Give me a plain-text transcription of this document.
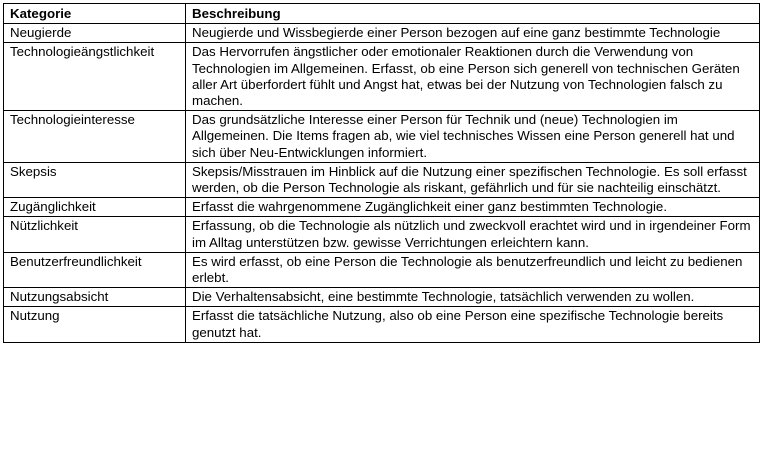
Kategorie	Beschreibung
Neugierde	Neugierde und Wissbegierde einer Person bezogen auf eine ganz bestimmte Technologie
Technologieängstlichkeit	Das Hervorrufen ängstlicher oder emotionaler Reaktionen durch die Verwendung von Technologien im Allgemeinen. Erfasst, ob eine Person sich generell von technischen Geräten aller Art überfordert fühlt und Angst hat, etwas bei der Nutzung von Technologien falsch zu machen.
Technologieinteresse	Das grundsätzliche Interesse einer Person für Technik und (neue) Technologien im Allgemeinen. Die Items fragen ab, wie viel technisches Wissen eine Person generell hat und sich über Neu-Entwicklungen informiert.
Skepsis	Skepsis/Misstrauen im Hinblick auf die Nutzung einer spezifischen Technologie. Es soll erfasst werden, ob die Person Technologie als riskant, gefährlich und für sie nachteilig einschätzt.
Zugänglichkeit	Erfasst die wahrgenommene Zugänglichkeit einer ganz bestimmten Technologie.
Nützlichkeit	Erfassung, ob die Technologie als nützlich und zweckvoll erachtet wird und in irgendeiner Form im Alltag unterstützen bzw. gewisse Verrichtungen erleichtern kann.
Benutzerfreundlichkeit	Es wird erfasst, ob eine Person die Technologie als benutzerfreundlich und leicht zu bedienen erlebt.
Nutzungsabsicht	Die Verhaltensabsicht, eine bestimmte Technologie, tatsächlich verwenden zu wollen.
Nutzung	Erfasst die tatsächliche Nutzung, also ob eine Person eine spezifische Technologie bereits genutzt hat.
